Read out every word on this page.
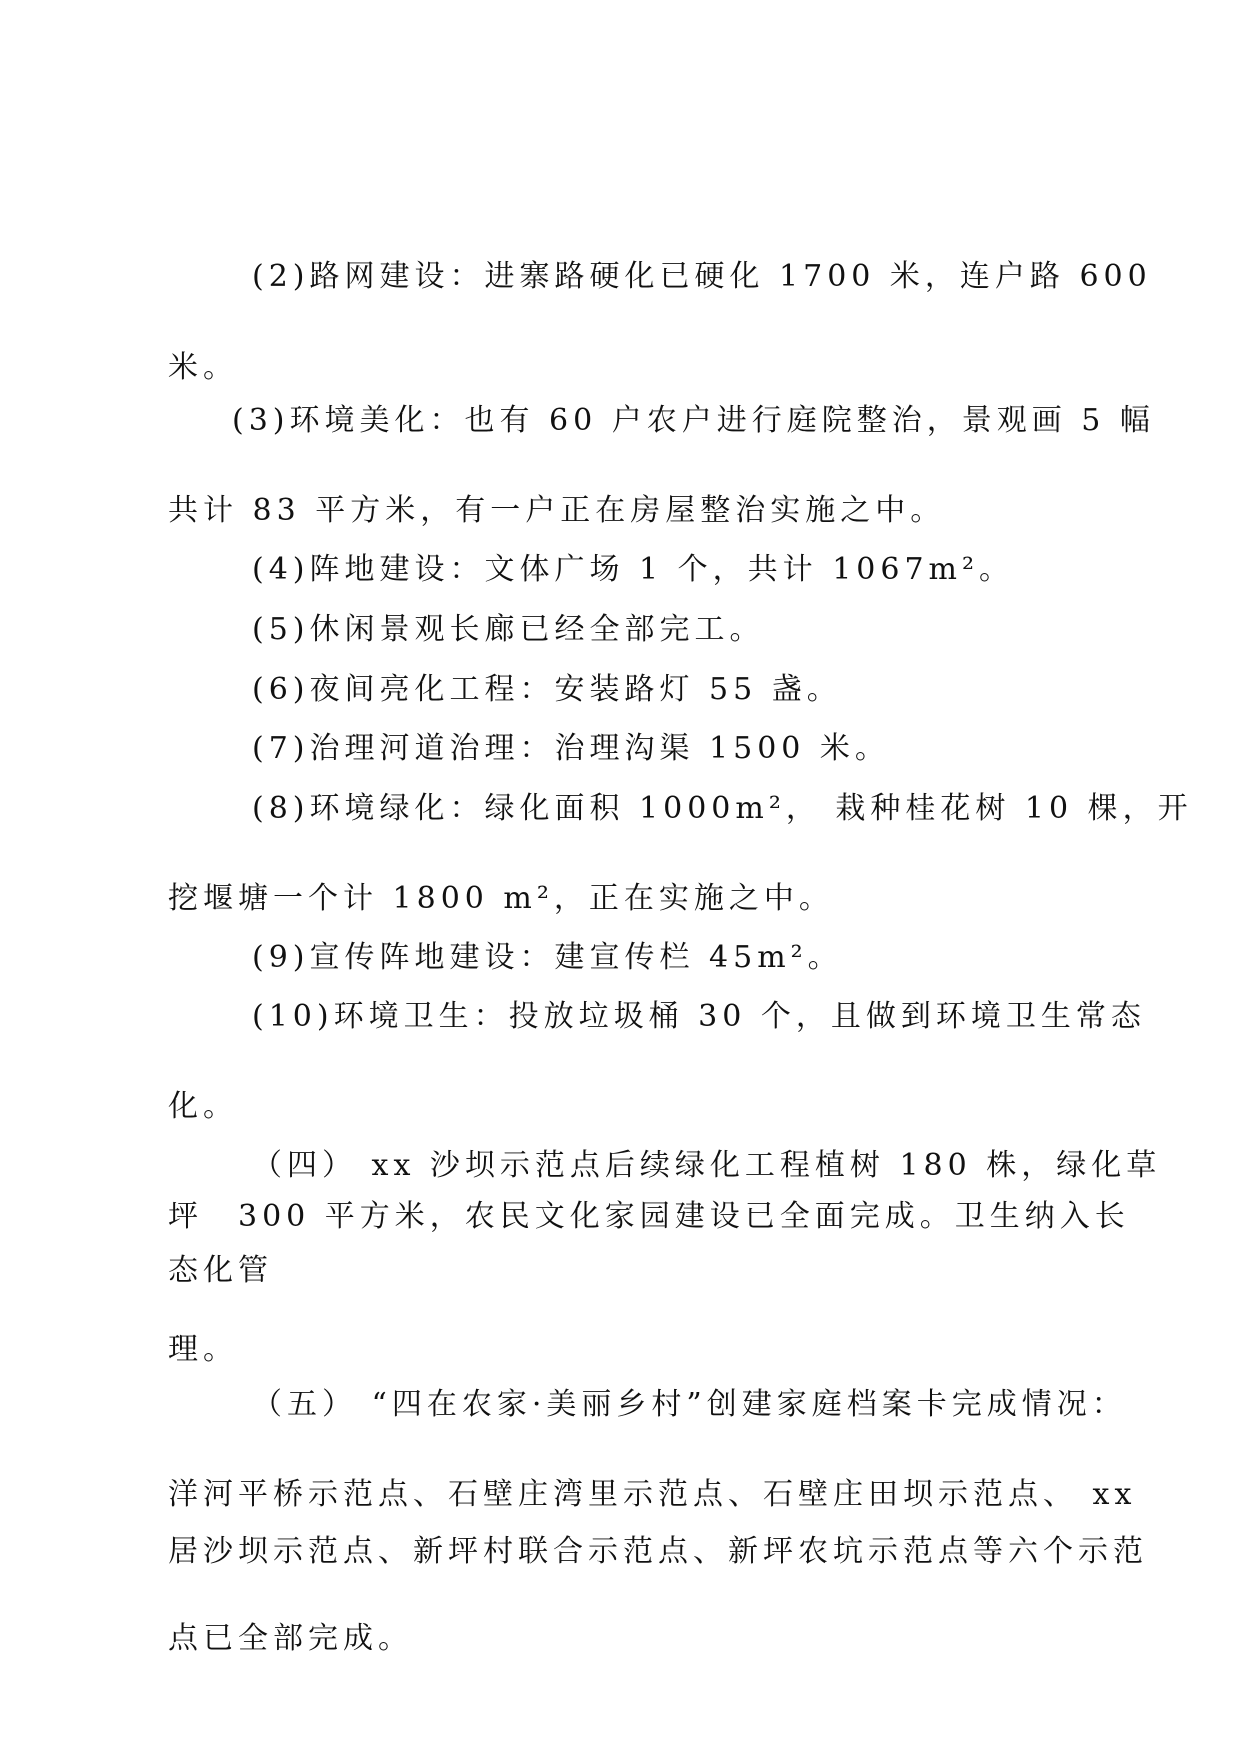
(2)路网建设：进寨路硬化已硬化 1700 米，连户路 600
米。
(3)环境美化：也有 60 户农户进行庭院整治，景观画 5 幅
共计 83 平方米，有一户正在房屋整治实施之中。
(4)阵地建设：文体广场 1 个，共计 1067m²。
(5)休闲景观长廊已经全部完工。
(6)夜间亮化工程：安装路灯 55 盏。
(7)治理河道治理：治理沟渠 1500 米。
(8)环境绿化：绿化面积 1000m²， 栽种桂花树 10 棵，开
挖堰塘一个计 1800 m²，正在实施之中。
(9)宣传阵地建设：建宣传栏 45m²。
(10)环境卫生：投放垃圾桶 30 个，且做到环境卫生常态
化。
（四） xx 沙坝示范点后续绿化工程植树 180 株，绿化草
坪　300 平方米，农民文化家园建设已全面完成。卫生纳入长
态化管
理。
（五） “四在农家·美丽乡村”创建家庭档案卡完成情况：
洋河平桥示范点、石壁庄湾里示范点、石壁庄田坝示范点、 xx
居沙坝示范点、新坪村联合示范点、新坪农坑示范点等六个示范
点已全部完成。
